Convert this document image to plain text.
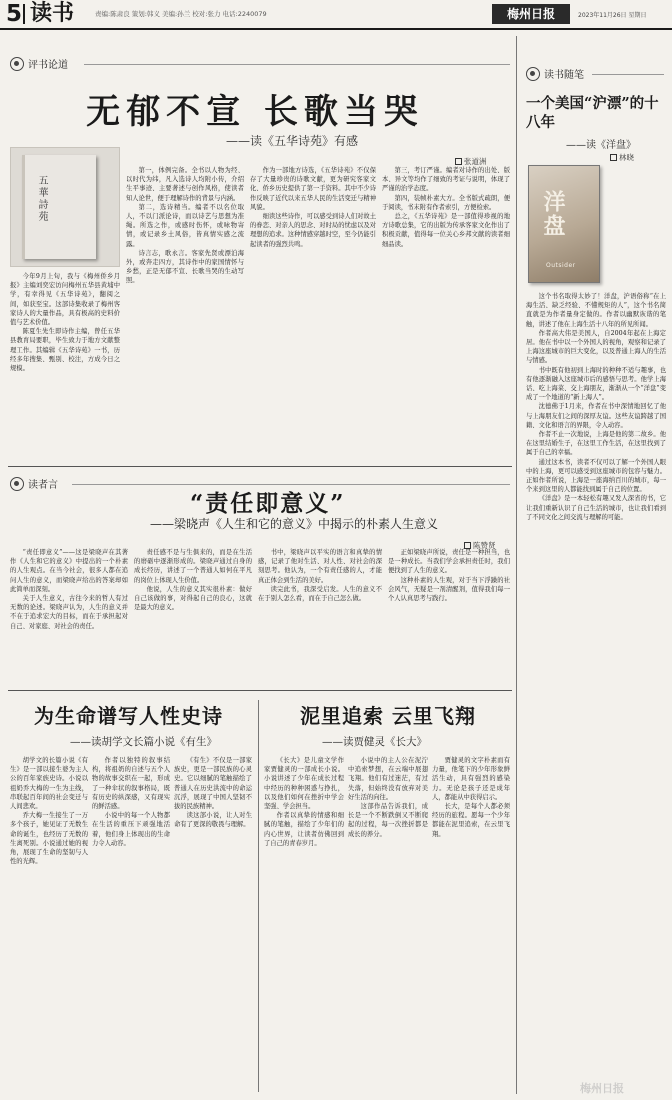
5 读书	责编:陈肃良 策划:韩义 美编:孙兰 校对:张力 电话:2240079	梅州日报	2023年11月26日 星期日
评书论道
无郁不宣 长歌当哭
——读《五华诗苑》有感
张道洲
五華詩苑

今年9月上旬，我与《梅州侨乡月报》主编刘奕宏访问梅州五华县黄埔中学，有幸得见《五华诗苑》，翻阅之间，如获至宝。这部诗集收录了梅州客家诗人的大量作品，具有极高的史料价值与艺术价值。

陈夏生先生即诗作主编，曾任五华县教育局要职，毕生致力于地方文献整理工作。其编辑《五华诗苑》一书，历经多年搜集、甄别、校注，方成今日之规模。

第一，体例完备。全书以人物为经、以时代为纬，凡入选诗人均附小传，介绍生平事迹、主要著述与创作风格，使读者知人论世，便于理解诗作的背景与内涵。

第二，选诗精当。编者不以名位取人，不以门派论诗，而以诗艺与思想为准绳。所选之作，或感时伤怀，或咏物寄情，或记录乡土风俗，皆真情实感之流露。

诗言志，歌永言。客家先贤或漂泊海外，或奔走四方，其诗作中的家国情怀与乡愁，正是无郁不宣、长歌当哭的生动写照。

作为一部地方诗选，《五华诗苑》不仅保存了大量珍贵的诗歌文献，更为研究客家文化、侨乡历史提供了第一手资料。其中不少诗作反映了近代以来五华人民的生活变迁与精神风貌。

细读这些诗作，可以感受到诗人们对故土的眷恋、对亲人的思念、对时局的忧虑以及对理想的追求。这种情感穿越时空，至今仍能引起读者的强烈共鸣。

第三，考订严谨。编者对诗作的出处、版本、异文等均作了细致的考证与说明，体现了严谨的治学态度。

第四，装帧朴素大方。全书版式疏朗，便于阅读，书末附有作者索引，方便检索。

总之，《五华诗苑》是一部值得珍视的地方诗歌总集，它的出版为传承客家文化作出了积极贡献，值得每一位关心乡邦文献的读者细细品读。

读者言
“责任即意义”
——梁晓声《人生和它的意义》中揭示的朴素人生意义
陈赞贤

“责任即意义”——这是梁晓声在其著作《人生和它的意义》中提出的一个朴素的人生观点。在当今社会，很多人都在追问人生的意义，而梁晓声给出的答案却如此简单而深刻。

关于人生意义，古往今来的哲人有过无数的论述。梁晓声认为，人生的意义并不在于追求宏大的目标，而在于承担起对自己、对家庭、对社会的责任。

责任感不是与生俱来的，而是在生活的磨砺中逐渐形成的。梁晓声通过自身的成长经历，讲述了一个普通人如何在平凡的岗位上体现人生价值。

他说，人生的意义其实很朴素：做好自己该做的事，对得起自己的良心，这就是最大的意义。

书中，梁晓声以平实的语言和真挚的情感，记录了他对生活、对人性、对社会的深刻思考。他认为，一个有责任感的人，才能真正体会到生活的美好。

读完此书，我深受启发。人生的意义不在于别人怎么看，而在于自己怎么做。

正如梁晓声所说，责任是一种担当，也是一种成长。当我们学会承担责任时，我们便找到了人生的意义。

这种朴素的人生观，对于当下浮躁的社会风气，无疑是一剂清醒剂，值得我们每一个人认真思考与践行。

为生命谱写人性史诗
——读胡学文长篇小说《有生》

胡学文的长篇小说《有生》是一部以接生婆为主人公的百年家族史诗。小说以祖奶乔大梅的一生为主线，串联起百年间的社会变迁与人间悲欢。

乔大梅一生接生了一万多个孩子，她见证了无数生命的诞生，也经历了无数的生离死别。小说通过她的视角，展现了生命的坚韧与人性的光辉。

作者以独特的叙事结构，将祖奶的自述与五个人物的故事交织在一起，形成了一种伞状的叙事格局，既有历史的纵深感，又有现实的鲜活感。

小说中的每一个人物都在生活的重压下顽强地活着，他们身上体现出的生命力令人动容。

《有生》不仅是一部家族史，更是一部民族的心灵史。它以细腻的笔触描绘了普通人在历史洪流中的命运沉浮，展现了中国人坚韧不拔的民族精神。

读这部小说，让人对生命有了更深的敬畏与理解。

泥里追索 云里飞翔
——读贾健灵《长大》

《长大》是儿童文学作家贾健灵的一部成长小说。小说讲述了少年在成长过程中经历的种种困惑与挣扎，以及他们如何在挫折中学会坚强、学会担当。

作者以真挚的情感和细腻的笔触，描绘了少年们的内心世界，让读者仿佛回到了自己的青春岁月。

小说中的主人公在泥泞中追索梦想，在云端中展翅飞翔。他们有过迷茫，有过失落，但始终没有放弃对美好生活的向往。

这部作品告诉我们，成长是一个不断跌倒又不断爬起的过程，每一次挫折都是成长的养分。

贾健灵的文字朴素而有力量，他笔下的少年形象鲜活生动，具有强烈的感染力。无论是孩子还是成年人，都能从中获得启示。

长大，是每个人都必须经历的旅程。愿每一个少年都能在泥里追索，在云里飞翔。

读书随笔
一个美国“沪漂”的十八年
——读《洋盘》
林晓
洋盘
Outsider

这个书名取得太妙了！洋盘，沪语俗称“在上海生活、缺乏经验、不懂规矩的人”，这个书名简直就是为作者量身定做的。作者以幽默诙谐的笔触，讲述了他在上海生活十八年的所见所闻。

作者高大伟是美国人，自2004年起在上海定居。他在书中以一个外国人的视角，观察和记录了上海这座城市的巨大变化，以及普通上海人的生活与情感。

书中既有他初到上海时的种种不适与趣事，也有他逐渐融入这座城市后的感悟与思考。他学上海话、吃上海菜、交上海朋友，渐渐从一个“洋盘”变成了一个地道的“新上海人”。

沈德佛于1月来，作者在书中深情地回忆了他与上海朋友们之间的深厚友谊。这些友谊跨越了国籍、文化和语言的界限，令人动容。

作者不止一次地说，上海是他的第二故乡。他在这里结婚生子，在这里工作生活，在这里找到了属于自己的幸福。

通过这本书，读者不仅可以了解一个外国人眼中的上海，更可以感受到这座城市的包容与魅力。正如作者所说，上海是一座海纳百川的城市，每一个来到这里的人都能找到属于自己的位置。

《洋盘》是一本轻松有趣又发人深省的书，它让我们重新认识了自己生活的城市，也让我们看到了不同文化之间交流与理解的可能。

梅州日报
